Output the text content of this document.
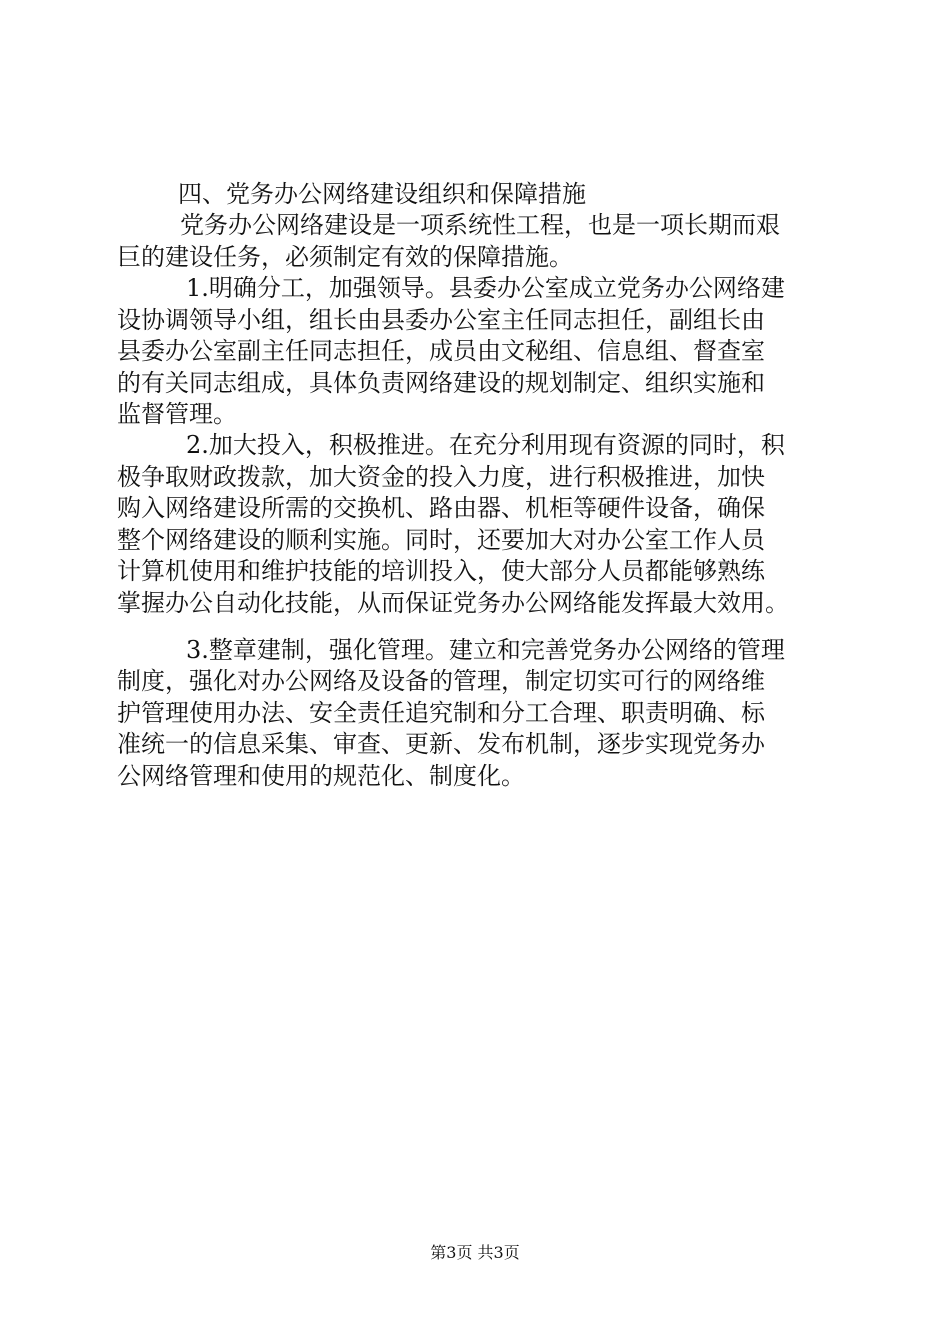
四、党务办公网络建设组织和保障措施

党务办公网络建设是一项系统性工程，也是一项长期而艰

巨的建设任务，必须制定有效的保障措施。

1.明确分工，加强领导。县委办公室成立党务办公网络建

设协调领导小组，组长由县委办公室主任同志担任，副组长由

县委办公室副主任同志担任，成员由文秘组、信息组、督查室

的有关同志组成，具体负责网络建设的规划制定、组织实施和

监督管理。

2.加大投入，积极推进。在充分利用现有资源的同时，积

极争取财政拨款，加大资金的投入力度，进行积极推进，加快

购入网络建设所需的交换机、路由器、机柜等硬件设备，确保

整个网络建设的顺利实施。同时，还要加大对办公室工作人员

计算机使用和维护技能的培训投入，使大部分人员都能够熟练

掌握办公自动化技能，从而保证党务办公网络能发挥最大效用。

3.整章建制，强化管理。建立和完善党务办公网络的管理

制度，强化对办公网络及设备的管理，制定切实可行的网络维

护管理使用办法、安全责任追究制和分工合理、职责明确、标

准统一的信息采集、审查、更新、发布机制，逐步实现党务办

公网络管理和使用的规范化、制度化。

第3页 共3页
